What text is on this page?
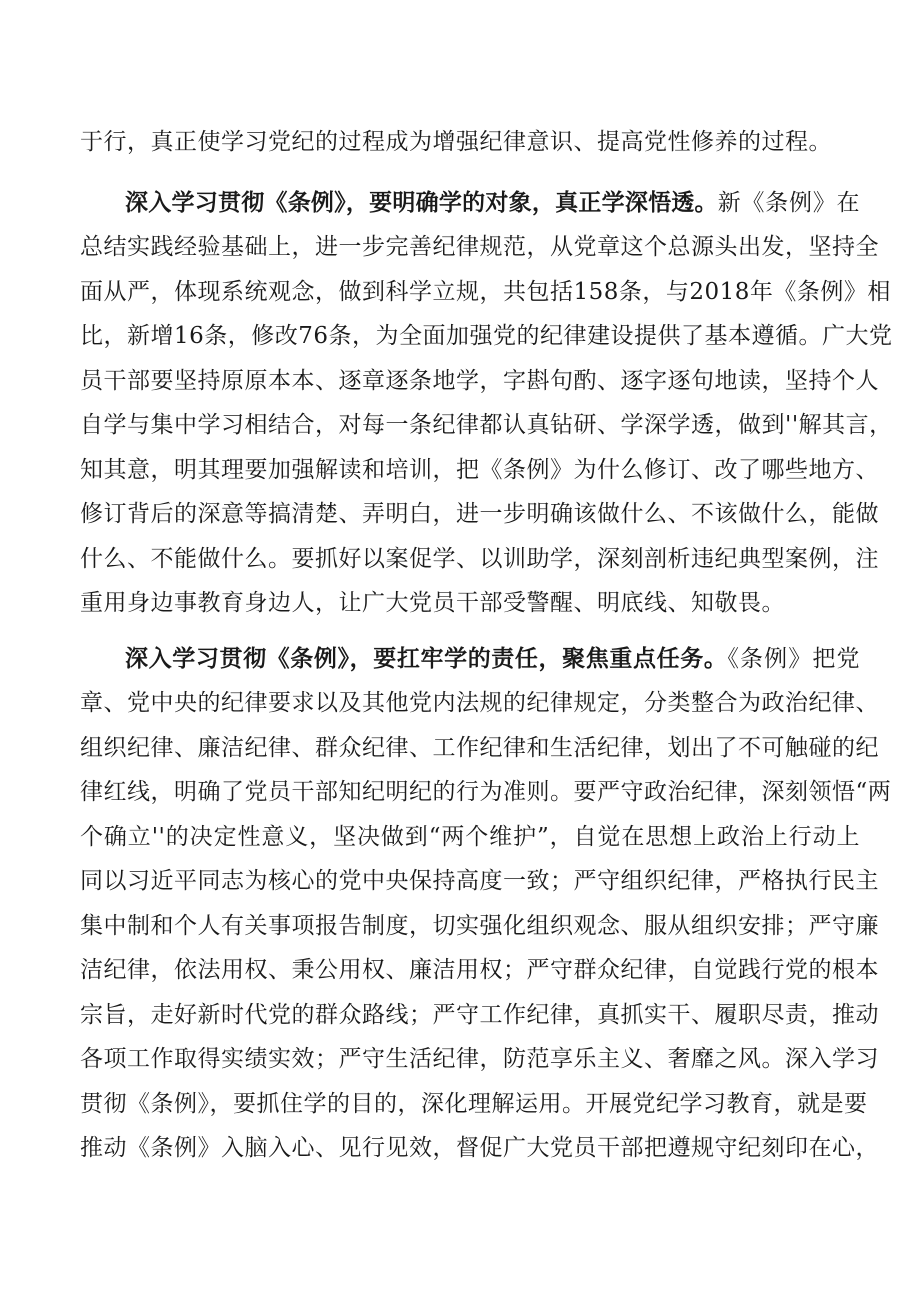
于行，真正使学习党纪的过程成为增强纪律意识、提高党性修养的过程。
深入学习贯彻《条例》，要明确学的对象，真正学深悟透。新《条例》在
总结实践经验基础上，进一步完善纪律规范，从党章这个总源头出发，坚持全
面从严，体现系统观念，做到科学立规，共包括158条，与2018年《条例》相
比，新增16条，修改76条，为全面加强党的纪律建设提供了基本遵循。广大党
员干部要坚持原原本本、逐章逐条地学，字斟句酌、逐字逐句地读，坚持个人
自学与集中学习相结合，对每一条纪律都认真钻研、学深学透，做到''解其言，
知其意，明其理要加强解读和培训，把《条例》为什么修订、改了哪些地方、
修订背后的深意等搞清楚、弄明白，进一步明确该做什么、不该做什么，能做
什么、不能做什么。要抓好以案促学、以训助学，深刻剖析违纪典型案例，注
重用身边事教育身边人，让广大党员干部受警醒、明底线、知敬畏。
深入学习贯彻《条例》，要扛牢学的责任，聚焦重点任务。《条例》把党
章、党中央的纪律要求以及其他党内法规的纪律规定，分类整合为政治纪律、
组织纪律、廉洁纪律、群众纪律、工作纪律和生活纪律，划出了不可触碰的纪
律红线，明确了党员干部知纪明纪的行为准则。要严守政治纪律，深刻领悟“两
个确立''的决定性意义，坚决做到“两个维护”，自觉在思想上政治上行动上
同以习近平同志为核心的党中央保持高度一致；严守组织纪律，严格执行民主
集中制和个人有关事项报告制度，切实强化组织观念、服从组织安排；严守廉
洁纪律，依法用权、秉公用权、廉洁用权；严守群众纪律，自觉践行党的根本
宗旨，走好新时代党的群众路线；严守工作纪律，真抓实干、履职尽责，推动
各项工作取得实绩实效；严守生活纪律，防范享乐主义、奢靡之风。深入学习
贯彻《条例》，要抓住学的目的，深化理解运用。开展党纪学习教育，就是要
推动《条例》入脑入心、见行见效，督促广大党员干部把遵规守纪刻印在心，
